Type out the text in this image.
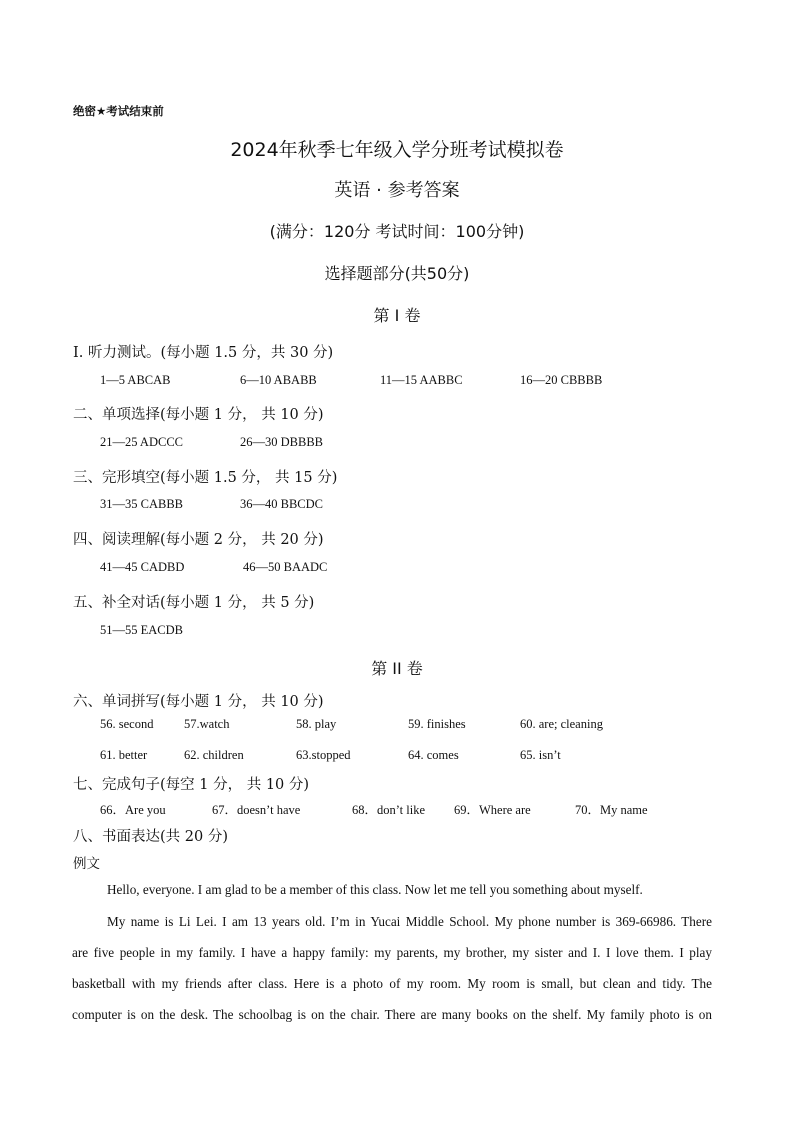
绝密★考试结束前
2024年秋季七年级入学分班考试模拟卷
英语 · 参考答案
(满分：120分 考试时间：100分钟)
选择题部分(共50分)
第 I 卷
Ⅰ. 听力测试。(每小题 1.5 分，共 30 分)
1—5 ABCAB	6—10 ABABB	11—15 AABBC	16—20 CBBBB
二、单项选择(每小题 1 分， 共 10 分)
21—25 ADCCC	26—30 DBBBB
三、完形填空(每小题 1.5 分， 共 15 分)
31—35 CABBB	36—40 BBCDC
四、阅读理解(每小题 2 分， 共 20 分)
41—45 CADBD	46—50 BAADC
五、补全对话(每小题 1 分， 共 5 分)
51—55 EACDB
第 II 卷
六、单词拼写(每小题 1 分， 共 10 分)
56. second 57.watch	58. play	59. finishes	60. are; cleaning
61. better	62. children	63.stopped	64. comes	65. isn’t
七、完成句子(每空 1 分， 共 10 分)
66．Are you	67．doesn’t have	68．don’t like 69．Where are	70．My name
八、书面表达(共 20 分)
例文
Hello, everyone. I am glad to be a member of this class. Now let me tell you something about myself.
My name is Li Lei. I am 13 years old. I’m in Yucai Middle School. My phone number is 369-66986. There
are five people in my family. I have a happy family: my parents, my brother, my sister and I. I love them. I play
basketball with my friends after class. Here is a photo of my room. My room is small, but clean and tidy. The
computer is on the desk. The schoolbag is on the chair. There are many books on the shelf. My family photo is on
